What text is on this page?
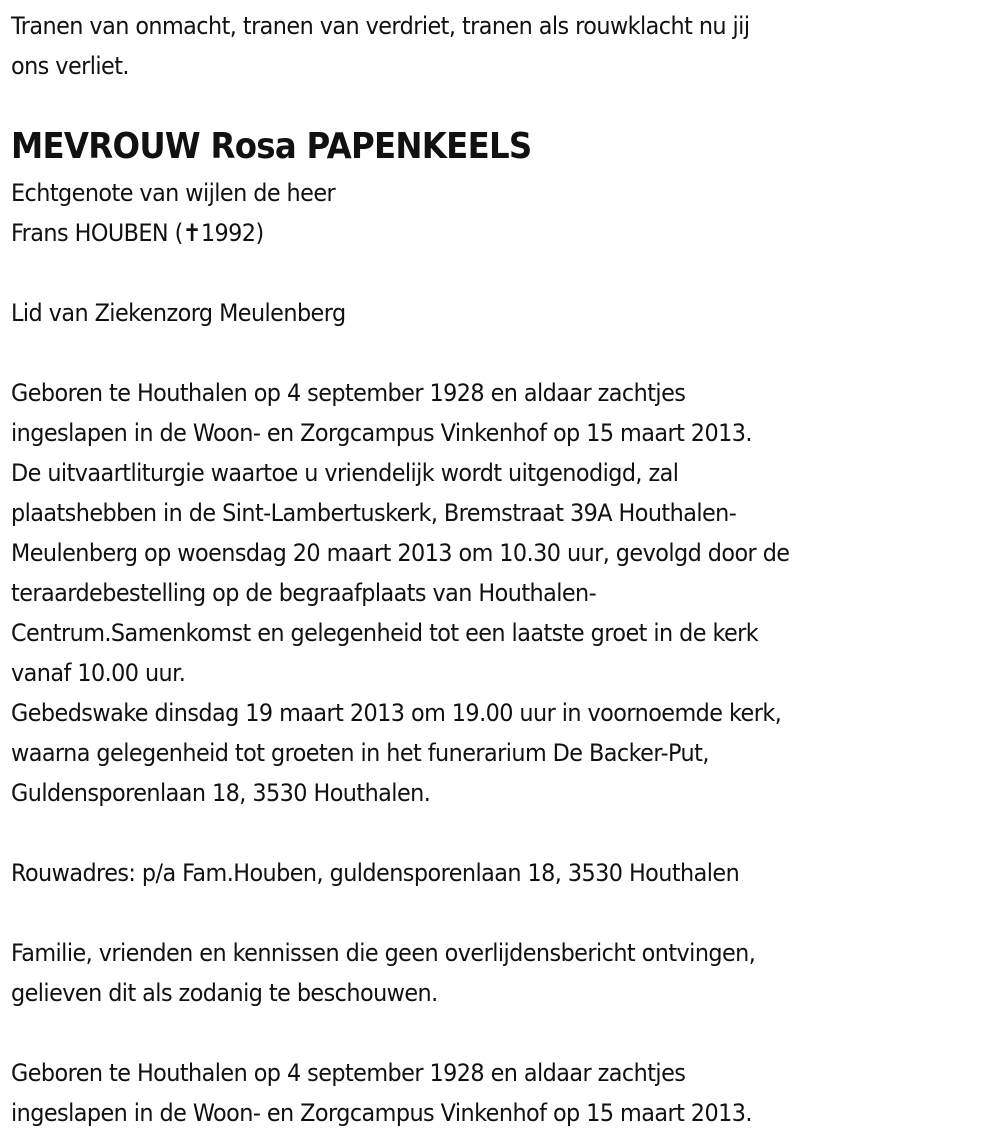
Tranen van onmacht, tranen van verdriet, tranen als rouwklacht nu jij
ons verliet.
MEVROUW Rosa PAPENKEELS
Echtgenote van wijlen de heer
Frans HOUBEN (✝1992)
Lid van Ziekenzorg Meulenberg
Geboren te Houthalen op 4 september 1928 en aldaar zachtjes
ingeslapen in de Woon- en Zorgcampus Vinkenhof op 15 maart 2013.
De uitvaartliturgie waartoe u vriendelijk wordt uitgenodigd, zal
plaatshebben in de Sint-Lambertuskerk, Bremstraat 39A Houthalen-
Meulenberg op woensdag 20 maart 2013 om 10.30 uur, gevolgd door de
teraardebestelling op de begraafplaats van Houthalen-
Centrum.Samenkomst en gelegenheid tot een laatste groet in de kerk
vanaf 10.00 uur.
Gebedswake dinsdag 19 maart 2013 om 19.00 uur in voornoemde kerk,
waarna gelegenheid tot groeten in het funerarium De Backer-Put,
Guldensporenlaan 18, 3530 Houthalen.
Rouwadres: p/a Fam.Houben, guldensporenlaan 18, 3530 Houthalen
Familie, vrienden en kennissen die geen overlijdensbericht ontvingen,
gelieven dit als zodanig te beschouwen.
Geboren te Houthalen op 4 september 1928 en aldaar zachtjes
ingeslapen in de Woon- en Zorgcampus Vinkenhof op 15 maart 2013.
